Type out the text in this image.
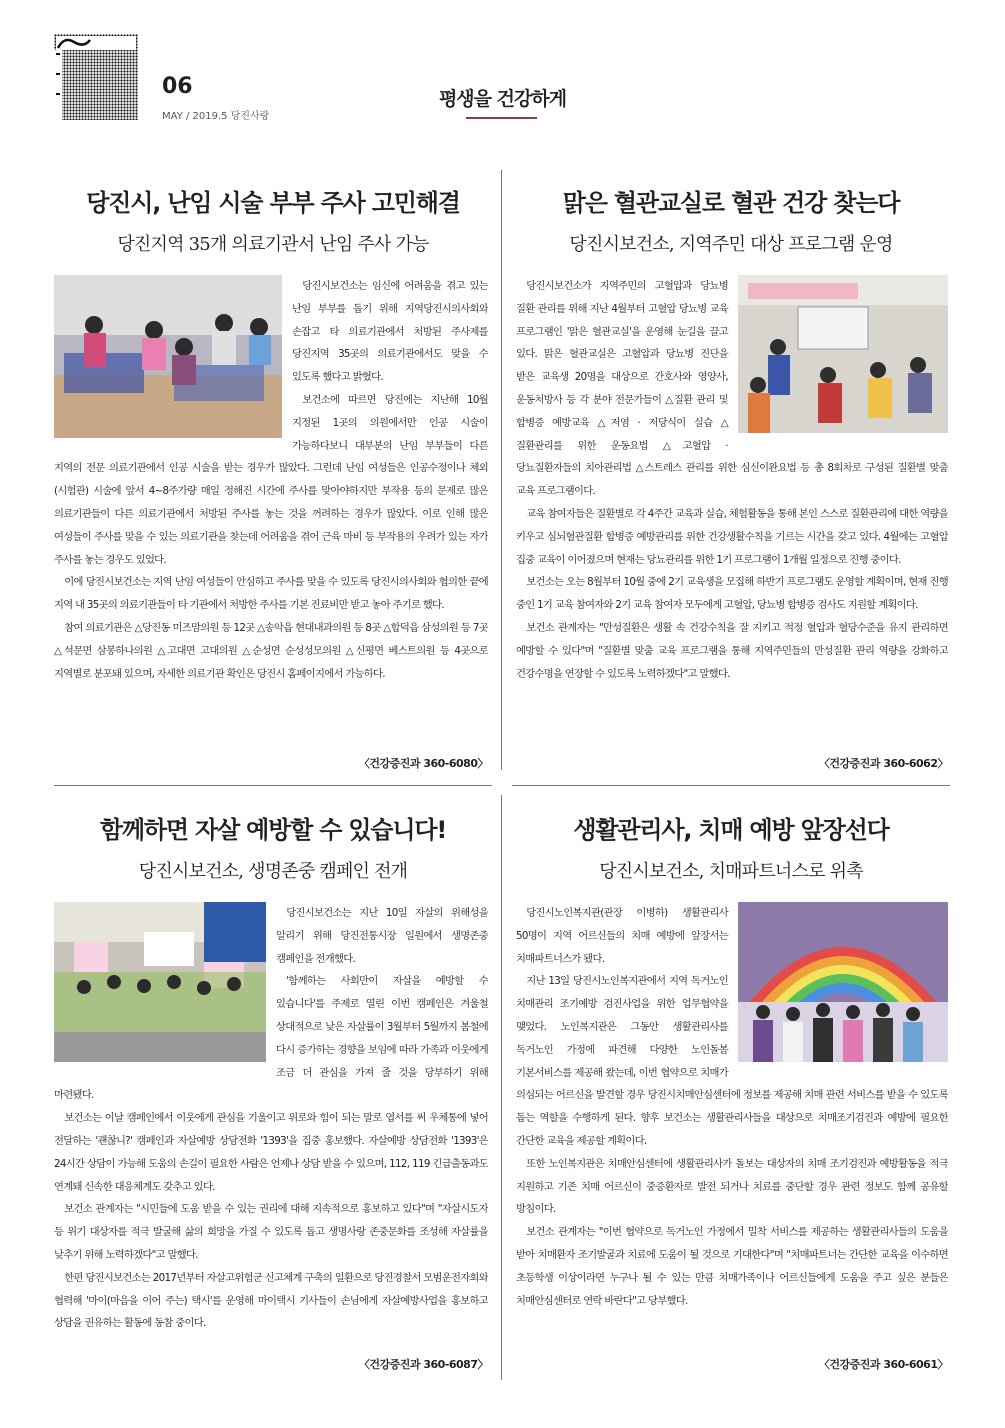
06
MAY / 2019.5 당진사랑
평생을 건강하게
당진시, 난임 시술 부부 주사 고민해결
당진지역 35개 의료기관서 난임 주사 가능

당진시보건소는 임신에 어려움을 겪고 있는 난임 부부를 돕기 위해 지역당진시의사회와 손잡고 타 의료기관에서 처방된 주사제를 당진지역 35곳의 의료기관에서도 맞을 수 있도록 했다고 밝혔다.

보건소에 따르면 당진에는 지난해 10월 지정된 1곳의 의원에서만 인공 시술이 가능하다보니 대부분의 난임 부부들이 다른 지역의 전문 의료기관에서 인공 시술을 받는 경우가 많았다. 그런데 난임 여성들은 인공수정이나 체외(시험관) 시술에 앞서 4~8주가량 매일 정해진 시간에 주사를 맞아야하지만 부작용 등의 문제로 많은 의료기관들이 다른 의료기관에서 처방된 주사를 놓는 것을 꺼려하는 경우가 많았다. 이로 인해 많은 여성들이 주사를 맞을 수 있는 의료기관을 찾는데 어려움을 겪어 근육 마비 등 부작용의 우려가 있는 자가 주사를 놓는 경우도 있었다.

이에 당진시보건소는 지역 난임 여성들이 안심하고 주사를 맞을 수 있도록 당진시의사회와 협의한 끝에 지역 내 35곳의 의료기관들이 타 기관에서 처방한 주사를 기본 진료비만 받고 놓아 주기로 했다.

참여 의료기관은 △당진동 미즈맘의원 등 12곳 △송악읍 현대내과의원 등 8곳 △합덕읍 삼성의원 등 7곳 △석문면 삼봉하나의원 △고대면 고대의원 △순성면 순성성모의원 △신평면 베스트의원 등 4곳으로 지역별로 분포돼 있으며, 자세한 의료기관 확인은 당진시 홈페이지에서 가능하다.

〈건강증진과 360-6080〉
맑은 혈관교실로 혈관 건강 찾는다
당진시보건소, 지역주민 대상 프로그램 운영

당진시보건소가 지역주민의 고혈압과 당뇨병 질환 관리를 위해 지난 4월부터 고혈압 당뇨병 교육 프로그램인 '맑은 혈관교실'을 운영해 눈길을 끌고 있다. 맑은 혈관교실은 고혈압과 당뇨병 진단을 받은 교육생 20명을 대상으로 간호사와 영양사, 운동처방사 등 각 분야 전문가들이 △질환 관리 및 합병증 예방교육 △저염 · 저당식이 실습 △질환관리를 위한 운동요법 △고혈압 · 당뇨질환자들의 치아관리법 △스트레스 관리를 위한 심신이완요법 등 총 8회차로 구성된 질환별 맞춤 교육 프로그램이다.

교육 참여자들은 질환별로 각 4주간 교육과 실습, 체험활동을 통해 본인 스스로 질환관리에 대한 역량을 키우고 심뇌혈관질환 합병증 예방관리를 위한 건강생활수칙을 기르는 시간을 갖고 있다. 4월에는 고혈압 집중 교육이 이어졌으며 현재는 당뇨관리를 위한 1기 프로그램이 1개월 일정으로 진행 중이다.

보건소는 오는 8월부터 10월 중에 2기 교육생을 모집해 하반기 프로그램도 운영할 계획이며, 현재 진행 중인 1기 교육 참여자와 2기 교육 참여자 모두에게 고혈압, 당뇨병 합병증 검사도 지원할 계획이다.

보건소 관계자는 "만성질환은 생활 속 건강수칙을 잘 지키고 적정 혈압과 혈당수준을 유지 관리하면 예방할 수 있다"며 "질환별 맞춤 교육 프로그램을 통해 지역주민들의 만성질환 관리 역량을 강화하고 건강수명을 연장할 수 있도록 노력하겠다"고 말했다.

〈건강증진과 360-6062〉
함께하면 자살 예방할 수 있습니다!
당진시보건소, 생명존중 캠페인 전개

당진시보건소는 지난 10일 자살의 위해성을 알리기 위해 당진전통시장 일원에서 생명존중 캠페인을 전개했다.

'함께하는 사회만이 자살을 예방할 수 있습니다'를 주제로 열린 이번 캠페인은 겨울철 상대적으로 낮은 자살률이 3월부터 5월까지 봄철에 다시 증가하는 경향을 보임에 따라 가족과 이웃에게 조금 더 관심을 가져 줄 것을 당부하기 위해 마련됐다.

보건소는 이날 캠페인에서 이웃에게 관심을 기울이고 위로와 힘이 되는 말로 엽서를 써 우체통에 넣어 전달하는 '괜찮니?' 캠페인과 자살예방 상담전화 '1393'을 집중 홍보했다. 자살예방 상담전화 '1393'은 24시간 상담이 가능해 도움의 손길이 필요한 사람은 언제나 상담 받을 수 있으며, 112, 119 긴급출동과도 연계돼 신속한 대응체계도 갖추고 있다.

보건소 관계자는 "시민들에 도움 받을 수 있는 권리에 대해 지속적으로 홍보하고 있다"며 "자살시도자 등 위기 대상자를 적극 발굴해 삶의 희망을 가질 수 있도록 돕고 생명사랑 존중문화를 조성해 자살률을 낮추기 위해 노력하겠다"고 말했다.

한편 당진시보건소는 2017년부터 자살고위험군 신고체계 구축의 일환으로 당진경찰서 모범운전자회와 협력해 '마이(마음을 이어 주는) 택시'를 운영해 마이택시 기사들이 손님에게 자살예방사업을 홍보하고 상담을 권유하는 활동에 동참 중이다.

〈건강증진과 360-6087〉
생활관리사, 치매 예방 앞장선다
당진시보건소, 치매파트너스로 위촉

당진시노인복지관(관장 이병하) 생활관리사 50명이 지역 어르신들의 치매 예방에 앞장서는 치매파트너스가 됐다.

지난 13일 당진시노인복지관에서 지역 독거노인 치매관리 조기예방 검진사업을 위한 업무협약을 맺었다. 노인복지관은 그동안 생활관리사를 독거노인 가정에 파견해 다양한 노인돌봄 기본서비스를 제공해 왔는데, 이번 협약으로 치매가 의심되는 어르신을 발견할 경우 당진시치매안심센터에 정보를 제공해 치매 관련 서비스를 받을 수 있도록 돕는 역할을 수행하게 된다. 향후 보건소는 생활관리사들을 대상으로 치매조기검진과 예방에 필요한 간단한 교육을 제공할 계획이다.

또한 노인복지관은 치매안심센터에 생활관리사가 돌보는 대상자의 치매 조기검진과 예방활동을 적극 지원하고 기존 치매 어르신이 중증환자로 발전 되거나 치료를 중단할 경우 관련 정보도 함께 공유할 방침이다.

보건소 관계자는 "이번 협약으로 독거노인 가정에서 밀착 서비스를 제공하는 생활관리사들의 도움을 받아 치매환자 조기발굴과 치료에 도움이 될 것으로 기대한다"며 "치매파트너는 간단한 교육을 이수하면 초등학생 이상이라면 누구나 될 수 있는 만큼 치매가족이나 어르신들에게 도움을 주고 싶은 분들은 치매안심센터로 연락 바란다"고 당부했다.

〈건강증진과 360-6061〉
